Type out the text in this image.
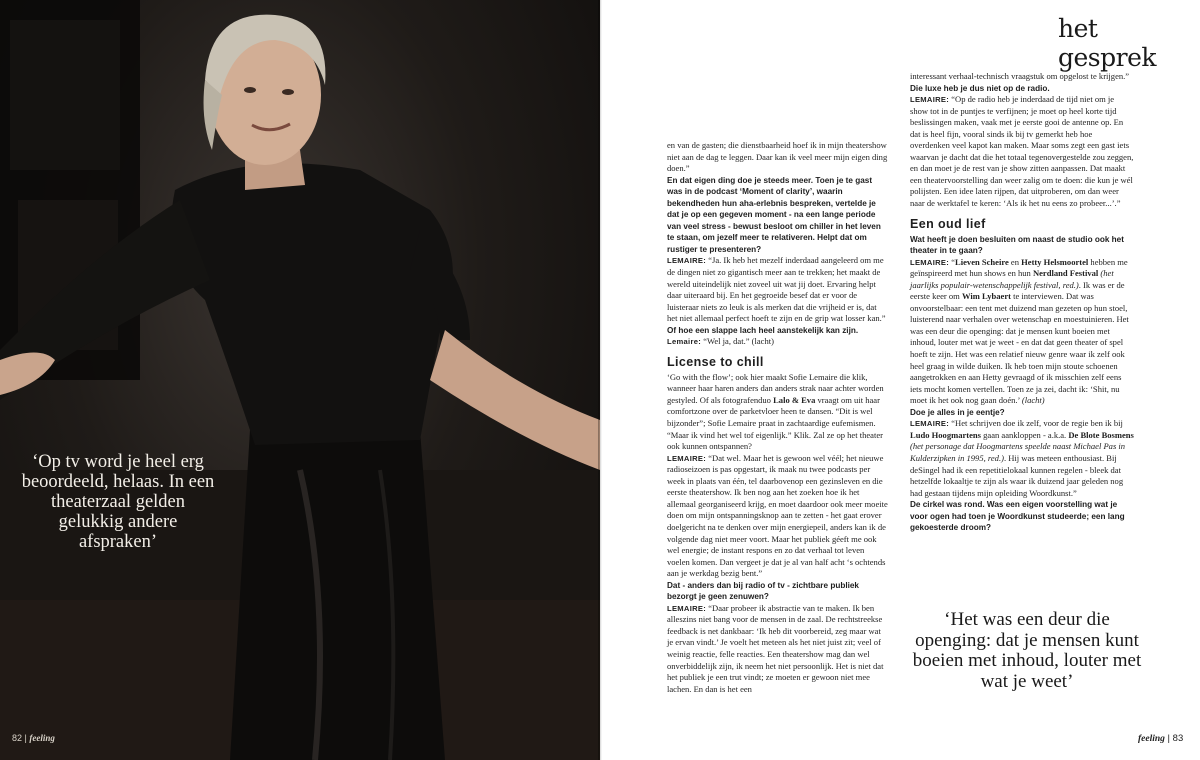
‘Op tv word je heel erg beoordeeld, helaas. In een theaterzaal gelden gelukkig andere afspraken’
82 | feeling
het gesprek

en van de gasten; die dienstbaarheid hoef ik in mijn theatershow niet aan de dag te leggen. Daar kan ik veel meer mijn eigen ding doen.”

En dat eigen ding doe je steeds meer. Toen je te gast was in de podcast ‘Moment of clarity’, waarin bekendheden hun aha-erlebnis bespreken, vertelde je dat je op een gegeven moment - na een lange periode van veel stress - bewust besloot om chiller in het leven te staan, om jezelf meer te relativeren. Helpt dat om rustiger te presenteren?

LEMAIRE: “Ja. Ik heb het mezelf inderdaad aangeleerd om me de dingen niet zo gigantisch meer aan te trekken; het maakt de wereld uiteindelijk niet zoveel uit wat jij doet. Ervaring helpt daar uiteraard bij. En het gegroeide besef dat er voor de luisteraar niets zo leuk is als merken dat die vrijheid er is, dat het niet allemaal perfect hoeft te zijn en de grip wat losser kan.”

Of hoe een slappe lach heel aanstekelijk kan zijn.

Lemaire: “Wel ja, dat.” (lacht)

License to chill

‘Go with the flow’; ook hier maakt Sofie Lemaire die klik, wanneer haar haren anders dan anders strak naar achter worden gestyled. Of als fotografenduo Lalo & Eva vraagt om uit haar comfortzone over de parketvloer heen te dansen. “Dit is wel bijzonder”; Sofie Lemaire praat in zachtaardige eufemismen. “Maar ik vind het wel tof eigenlijk.” Klik. Zal ze op het theater ook kunnen ontspannen?

LEMAIRE: “Dat wel. Maar het is gewoon wel véél; het nieuwe radioseizoen is pas opgestart, ik maak nu twee podcasts per week in plaats van één, tel daarbovenop een gezinsleven en die eerste theatershow. Ik ben nog aan het zoeken hoe ik het allemaal georganiseerd krijg, en moet daardoor ook meer moeite doen om mijn ontspanningsknop aan te zetten - het gaat erover doelgericht na te denken over mijn energiepeil, anders kan ik de volgende dag niet meer voort. Maar het publiek géeft me ook wel energie; de instant respons en zo dat verhaal tot leven voelen komen. Dan vergeet je dat je al van half acht ‘s ochtends aan je werkdag bezig bent.”

Dat - anders dan bij radio of tv - zichtbare publiek bezorgt je geen zenuwen?

LEMAIRE: “Daar probeer ik abstractie van te maken. Ik ben alleszins niet bang voor de mensen in de zaal. De rechtstreekse feedback is net dankbaar: ‘Ik heb dit voorbereid, zeg maar wat je ervan vindt.’ Je voelt het meteen als het niet juist zit; veel of weinig reactie, felle reacties. Een theatershow mag dan wel onverbiddelijk zijn, ik neem het niet persoonlijk. Het is niet dat het publiek je een trut vindt; ze moeten er gewoon niet mee lachen. En dan is het een

interessant verhaal-technisch vraagstuk om opgelost te krijgen.”

Die luxe heb je dus niet op de radio.

LEMAIRE: “Op de radio heb je inderdaad de tijd niet om je show tot in de puntjes te verfijnen; je moet op heel korte tijd beslissingen maken, vaak met je eerste gooi de antenne op. En dat is heel fijn, vooral sinds ik bij tv gemerkt heb hoe overdenken veel kapot kan maken. Maar soms zegt een gast iets waarvan je dacht dat die het totaal tegenovergestelde zou zeggen, en dan moet je de rest van je show zitten aanpassen. Dat maakt een theatervoorstelling dan weer zalig om te doen: die kun je wél polijsten. Een idee laten rijpen, dat uitproberen, om dan weer naar de werktafel te keren: ‘Als ik het nu eens zo probeer...’.”

Een oud lief

Wat heeft je doen besluiten om naast de studio ook het theater in te gaan?

LEMAIRE: “Lieven Scheire en Hetty Helsmoortel hebben me geïnspireerd met hun shows en hun Nerdland Festival (het jaarlijks populair-wetenschappelijk festival, red.). Ik was er de eerste keer om Wim Lybaert te interviewen. Dat was onvoorstelbaar: een tent met duizend man gezeten op hun stoel, luisterend naar verhalen over wetenschap en moestuinieren. Het was een deur die openging: dat je mensen kunt boeien met inhoud, louter met wat je weet - en dat dat geen theater of spel hoeft te zijn. Het was een relatief nieuw genre waar ik zelf ook heel graag in wilde duiken. Ik heb toen mijn stoute schoenen aangetrokken en aan Hetty gevraagd of ik misschien zelf eens iets mocht komen vertellen. Toen ze ja zei, dacht ik: ‘Shit, nu moet ik het ook nog gaan doén.’ (lacht)

Doe je alles in je eentje?

LEMAIRE: “Het schrijven doe ik zelf, voor de regie ben ik bij Ludo Hoogmartens gaan aankloppen - a.k.a. De Blote Bosmens (het personage dat Hoogmartens speelde naast Michael Pas in Kulderzipken in 1995, red.). Hij was meteen enthousiast. Bij deSingel had ik een repetitielokaal kunnen regelen - bleek dat hetzelfde lokaaltje te zijn als waar ik duizend jaar geleden nog had gestaan tijdens mijn opleiding Woordkunst.”

De cirkel was rond. Was een eigen voorstelling wat je voor ogen had toen je Woordkunst studeerde; een lang gekoesterde droom?

‘Het was een deur die openging: dat je mensen kunt boeien met inhoud, louter met wat je weet’
feeling | 83
